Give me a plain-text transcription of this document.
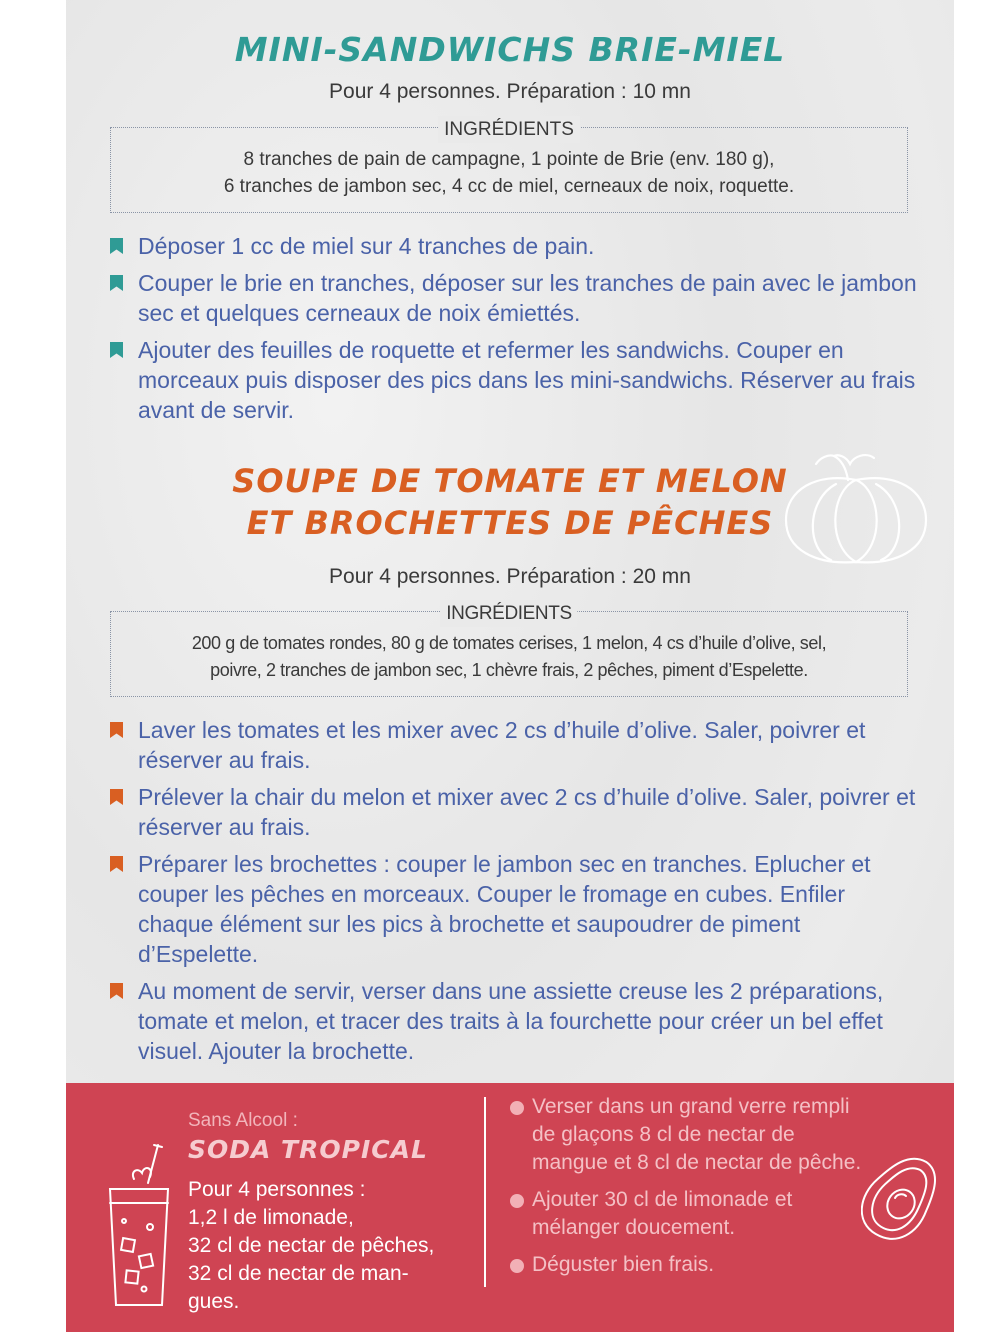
MINI-SANDWICHS BRIE-MIEL
Pour 4 personnes. Préparation : 10 mn
INGRÉDIENTS

8 tranches de pain de campagne, 1 pointe de Brie (env. 180 g),

6 tranches de jambon sec, 4 cc de miel, cerneaux de noix, roquette.

Déposer 1 cc de miel sur 4 tranches de pain.
Couper le brie en tranches, déposer sur les tranches de pain avec le jambon sec et quelques cerneaux de noix émiettés.
Ajouter des feuilles de roquette et refermer les sandwichs. Couper en morceaux puis disposer des pics dans les mini-sandwichs. Réserver au frais avant de servir.
SOUPE DE TOMATE ET MELON
ET BROCHETTES DE PÊCHES
Pour 4 personnes. Préparation : 20 mn
INGRÉDIENTS

200 g de tomates rondes, 80 g de tomates cerises, 1 melon, 4 cs d’huile d’olive, sel,

poivre, 2 tranches de jambon sec, 1 chèvre frais, 2 pêches, piment d’Espelette.

Laver les tomates et les mixer avec 2 cs d’huile d’olive. Saler, poivrer et réserver au frais.
Prélever la chair du melon et mixer avec 2 cs d’huile d’olive. Saler, poivrer et réserver au frais.
Préparer les brochettes : couper le jambon sec en tranches. Eplucher et couper les pêches en morceaux. Couper le fromage en cubes. Enfiler chaque élément sur les pics à brochette et saupoudrer de piment d’Espelette.
Au moment de servir, verser dans une assiette creuse les 2 préparations, tomate et melon, et tracer des traits à la fourchette pour créer un bel effet visuel. Ajouter la brochette.
Sans Alcool :
SODA TROPICAL
Pour 4 personnes :
1,2 l de limonade,
32 cl de nectar de pêches,
32 cl de nectar de man-
gues.
Verser dans un grand verre rempli de glaçons 8 cl de nectar de mangue et 8 cl de nectar de pêche.
Ajouter 30 cl de limonade et mélanger doucement.
Déguster bien frais.
